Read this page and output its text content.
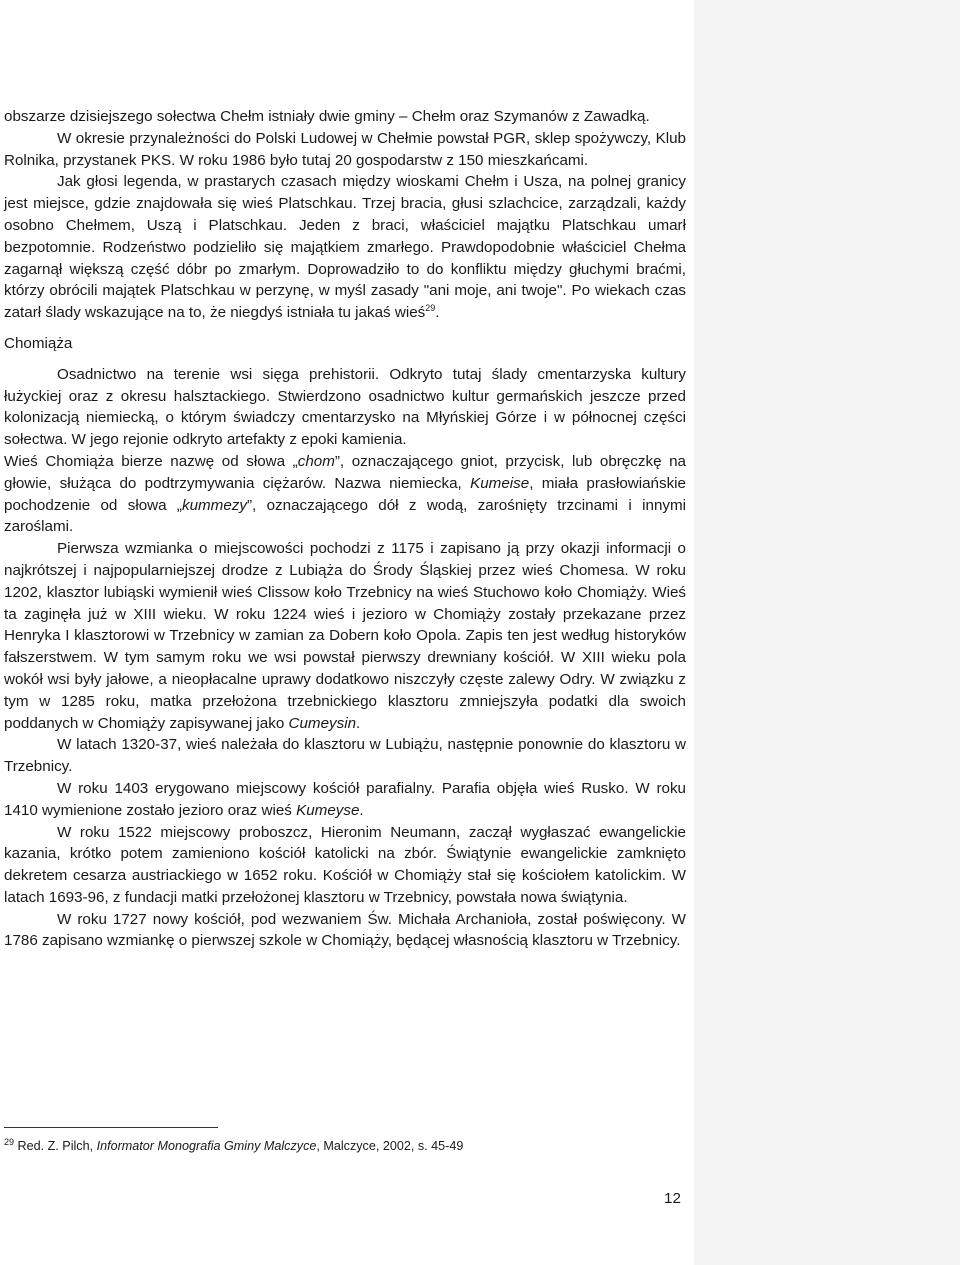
obszarze dzisiejszego sołectwa Chełm istniały dwie gminy – Chełm oraz Szymanów z Zawadką.

W okresie przynależności do Polski Ludowej w Chełmie powstał PGR, sklep spożywczy, Klub Rolnika, przystanek PKS. W roku 1986 było tutaj 20 gospodarstw z 150 mieszkańcami.

Jak głosi legenda, w prastarych czasach między wioskami Chełm i Usza, na polnej granicy jest miejsce, gdzie znajdowała się wieś Platschkau. Trzej bracia, głusi szlachcice, zarządzali, każdy osobno Chełmem, Uszą i Platschkau. Jeden z braci, właściciel majątku Platschkau umarł bezpotomnie. Rodzeństwo podzieliło się majątkiem zmarłego. Prawdopodobnie właściciel Chełma zagarnął większą część dóbr po zmarłym. Doprowadziło to do konfliktu między głuchymi braćmi, którzy obrócili majątek Platschkau w perzynę, w myśl zasady "ani moje, ani twoje". Po wiekach czas zatarł ślady wskazujące na to, że niegdyś istniała tu jakaś wieś$^{29}$.

Chomiąża

Osadnictwo na terenie wsi sięga prehistorii. Odkryto tutaj ślady cmentarzyska kultury łużyckiej oraz z okresu halsztackiego. Stwierdzono osadnictwo kultur germańskich jeszcze przed kolonizacją niemiecką, o którym świadczy cmentarzysko na Młyńskiej Górze i w północnej części sołectwa. W jego rejonie odkryto artefakty z epoki kamienia.

Wieś Chomiąża bierze nazwę od słowa „chom”, oznaczającego gniot, przycisk, lub obręczkę na głowie, służąca do podtrzymywania ciężarów. Nazwa niemiecka, Kumeise, miała prasłowiańskie pochodzenie od słowa „kummezy”, oznaczającego dół z wodą, zarośnięty trzcinami i innymi zaroślami.

Pierwsza wzmianka o miejscowości pochodzi z 1175 i zapisano ją przy okazji informacji o najkrótszej i najpopularniejszej drodze z Lubiąża do Środy Śląskiej przez wieś Chomesa. W roku 1202, klasztor lubiąski wymienił wieś Clissow koło Trzebnicy na wieś Stuchowo koło Chomiąży. Wieś ta zaginęła już w XIII wieku. W roku 1224 wieś i jezioro w Chomiąży zostały przekazane przez Henryka I klasztorowi w Trzebnicy w zamian za Dobern koło Opola. Zapis ten jest według historyków fałszerstwem. W tym samym roku we wsi powstał pierwszy drewniany kościół. W XIII wieku pola wokół wsi były jałowe, a nieopłacalne uprawy dodatkowo niszczyły częste zalewy Odry. W związku z tym w 1285 roku, matka przełożona trzebnickiego klasztoru zmniejszyła podatki dla swoich poddanych w Chomiąży zapisywanej jako Cumeysin.

W latach 1320-37, wieś należała do klasztoru w Lubiążu, następnie ponownie do klasztoru w Trzebnicy.

W roku 1403 erygowano miejscowy kościół parafialny. Parafia objęła wieś Rusko. W roku 1410 wymienione zostało jezioro oraz wieś Kumeyse.

W roku 1522 miejscowy proboszcz, Hieronim Neumann, zaczął wygłaszać ewangelickie kazania, krótko potem zamieniono kościół katolicki na zbór. Świątynie ewangelickie zamknięto dekretem cesarza austriackiego w 1652 roku. Kościół w Chomiąży stał się kościołem katolickim. W latach 1693-96, z fundacji matki przełożonej klasztoru w Trzebnicy, powstała nowa świątynia.

W roku 1727 nowy kościół, pod wezwaniem Św. Michała Archanioła, został poświęcony. W 1786 zapisano wzmiankę o pierwszej szkole w Chomiąży, będącej własnością klasztoru w Trzebnicy.

$^{29}$ Red. Z. Pilch, Informator Monografia Gminy Malczyce, Malczyce, 2002, s. 45-49
12
